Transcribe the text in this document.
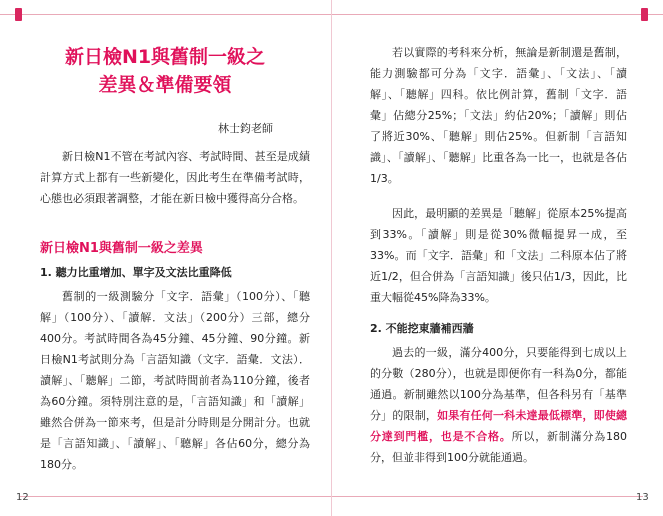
新日檢N1與舊制一級之
差異＆準備要領
林士鈞老師

新日檢N1不管在考試內容、考試時間、甚至是成績計算方式上都有一些新變化，因此考生在準備考試時，心態也必須跟著調整，才能在新日檢中獲得高分合格。

新日檢N1與舊制一級之差異
1. 聽力比重增加、單字及文法比重降低

舊制的一級測驗分「文字．語彙」（100分）、「聽解」（100分）、「讀解．文法」（200分）三部，總分400分。考試時間各為45分鐘、45分鐘、90分鐘。新日檢N1考試則分為「言語知識（文字．語彙．文法）．讀解」、「聽解」二節，考試時間前者為110分鐘，後者為60分鐘。須特別注意的是，「言語知識」和「讀解」雖然合併為一節來考，但是計分時則是分開計分。也就是「言語知識」、「讀解」、「聽解」各佔60分，總分為180分。

12

若以實際的考科來分析，無論是新制還是舊制，能力測驗都可分為「文字．語彙」、「文法」、「讀解」、「聽解」四科。依比例計算，舊制「文字．語彙」佔總分25%；「文法」約佔20%；「讀解」則佔了將近30%、「聽解」則佔25%。但新制「言語知識」、「讀解」、「聽解」比重各為一比一，也就是各佔1/3。

因此，最明顯的差異是「聽解」從原本25%提高到33%。「讀解」則是從30%微幅提昇一成，至33%。而「文字．語彙」和「文法」二科原本佔了將近1/2，但合併為「言語知識」後只佔1/3，因此，比重大幅從45%降為33%。

2. 不能挖東牆補西牆

過去的一級，滿分400分，只要能得到七成以上的分數（280分），也就是即便你有一科為0分，都能通過。新制雖然以100分為基準，但各科另有「基準分」的限制，如果有任何一科未達最低標準，即使總分達到門檻，也是不合格。所以，新制滿分為180分，但並非得到100分就能通過。

13
